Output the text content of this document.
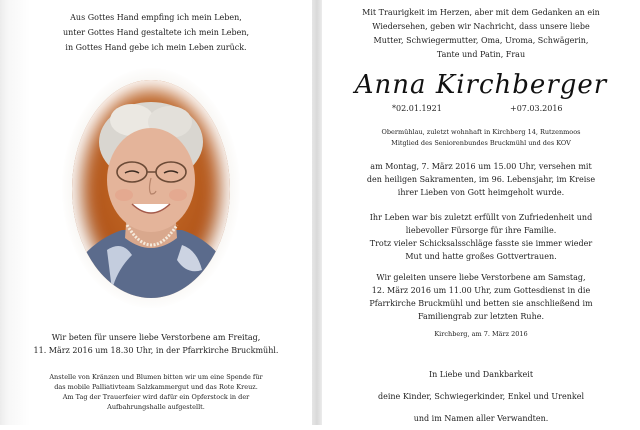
Aus Gottes Hand empfing ich mein Leben,
unter Gottes Hand gestaltete ich mein Leben,
in Gottes Hand gebe ich mein Leben zurück.
Wir beten für unsere liebe Verstorbene am Freitag,
11. März 2016 um 18.30 Uhr, in der Pfarrkirche Bruckmühl.
Anstelle von Kränzen und Blumen bitten wir um eine Spende für
das mobile Palliativteam Salzkammergut und das Rote Kreuz.
Am Tag der Trauerfeier wird dafür ein Opferstock in der
Aufbahrungshalle aufgestellt.
Mit Traurigkeit im Herzen, aber mit dem Gedanken an ein
Wiedersehen, geben wir Nachricht, dass unsere liebe
Mutter, Schwiegermutter, Oma, Uroma, Schwägerin,
Tante und Patin, Frau
Anna Kirchberger
*02.01.1921	+07.03.2016
Obermühlau, zuletzt wohnhaft in Kirchberg 14, Rutzenmoos
Mitglied des Seniorenbundes Bruckmühl und des KOV
am Montag, 7. März 2016 um 15.00 Uhr, versehen mit
den heiligen Sakramenten, im 96. Lebensjahr, im Kreise
ihrer Lieben von Gott heimgeholt wurde.
Ihr Leben war bis zuletzt erfüllt von Zufriedenheit und
liebevoller Fürsorge für ihre Familie.
Trotz vieler Schicksalsschläge fasste sie immer wieder
Mut und hatte großes Gottvertrauen.
Wir geleiten unsere liebe Verstorbene am Samstag,
12. März 2016 um 11.00 Uhr, zum Gottesdienst in die
Pfarrkirche Bruckmühl und betten sie anschließend im
Familiengrab zur letzten Ruhe.
Kirchberg, am 7. März 2016
In Liebe und Dankbarkeit
deine Kinder, Schwiegerkinder, Enkel und Urenkel
und im Namen aller Verwandten.
